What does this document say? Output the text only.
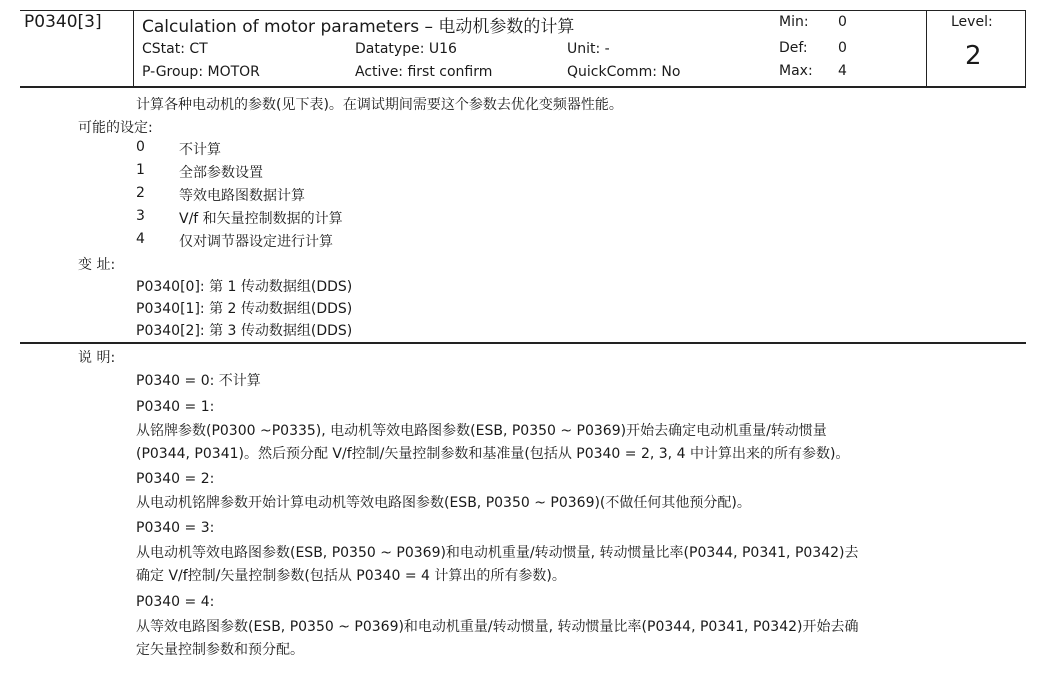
P0340[3] Calculation of motor parameters – 电动机参数的计算
CStat: CT	Datatype: U16	Unit: -
P-Group: MOTOR	Active: first confirm	QuickComm: No
Min: 0
Def: 0
Max: 4
Level:
2
计算各种电动机的参数(见下表)。在调试期间需要这个参数去优化变频器性能。
可能的设定:
0 不计算
1 全部参数设置
2 等效电路图数据计算
3 V/f 和矢量控制数据的计算
4 仅对调节器设定进行计算
变 址:
P0340[0]: 第 1 传动数据组(DDS)
P0340[1]: 第 2 传动数据组(DDS)
P0340[2]: 第 3 传动数据组(DDS)
说 明:
P0340 = 0: 不计算
P0340 = 1:
从铭牌参数(P0300 ~P0335), 电动机等效电路图参数(ESB, P0350 ~ P0369)开始去确定电动机重量/转动惯量
(P0344, P0341)。然后预分配 V/f控制/矢量控制参数和基准量(包括从 P0340 = 2, 3, 4 中计算出来的所有参数)。
P0340 = 2:
从电动机铭牌参数开始计算电动机等效电路图参数(ESB, P0350 ~ P0369)(不做任何其他预分配)。
P0340 = 3:
从电动机等效电路图参数(ESB, P0350 ~ P0369)和电动机重量/转动惯量, 转动惯量比率(P0344, P0341, P0342)去
确定 V/f控制/矢量控制参数(包括从 P0340 = 4 计算出的所有参数)。
P0340 = 4:
从等效电路图参数(ESB, P0350 ~ P0369)和电动机重量/转动惯量, 转动惯量比率(P0344, P0341, P0342)开始去确
定矢量控制参数和预分配。
